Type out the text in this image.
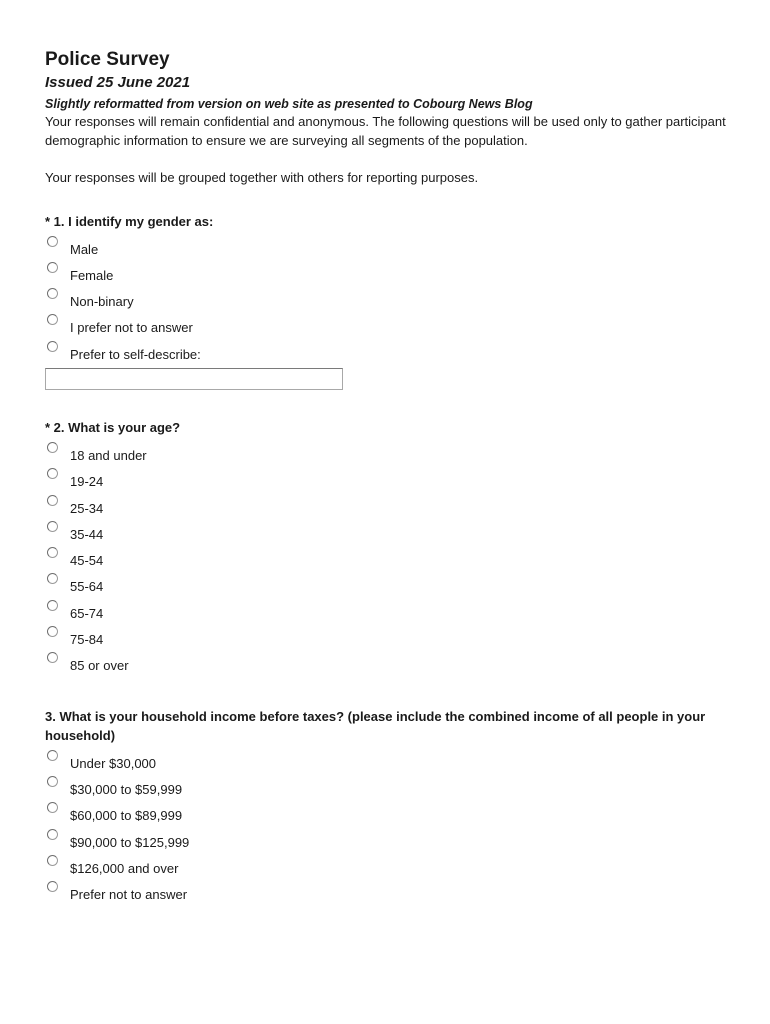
Police Survey
Issued 25 June 2021
Slightly reformatted from version on web site as presented to Cobourg News Blog
Your responses will remain confidential and anonymous. The following questions will be used only to gather participant demographic information to ensure we are surveying all segments of the population.
Your responses will be grouped together with others for reporting purposes.
* 1. I identify my gender as:
Male
Female
Non-binary
I prefer not to answer
Prefer to self-describe:
* 2. What is your age?
18 and under
19-24
25-34
35-44
45-54
55-64
65-74
75-84
85 or over
3. What is your household income before taxes? (please include the combined income of all people in your household)
Under $30,000
$30,000 to $59,999
$60,000 to $89,999
$90,000 to $125,999
$126,000 and over
Prefer not to answer
